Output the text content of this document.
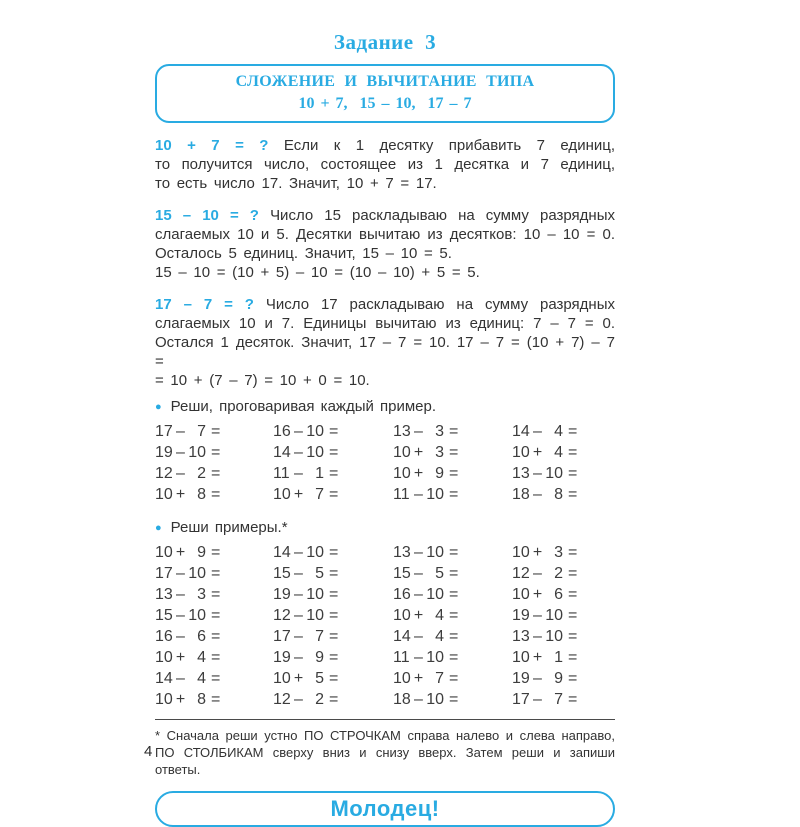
Задание  3
СЛОЖЕНИЕ И ВЫЧИТАНИЕ ТИПА
10 + 7,  15 – 10,  17 – 7
10 + 7 = ? Если к 1 десятку прибавить 7 единиц,
то получится число, состоящее из 1 десятка и 7 единиц,
то есть число 17. Значит, 10 + 7 = 17.
15 – 10 = ? Число 15 раскладываю на сумму разрядных
слагаемых 10 и 5. Десятки вычитаю из десятков: 10 – 10 = 0.
Осталось 5 единиц. Значит, 15 – 10 = 5.
15 – 10 = (10 + 5) – 10 = (10 – 10) + 5 = 5.
17 – 7 = ? Число 17 раскладываю на сумму разрядных
слагаемых 10 и 7. Единицы вычитаю из единиц: 7 – 7 = 0.
Остался 1 десяток. Значит, 17 – 7 = 10. 17 – 7 = (10 + 7) – 7 =
= 10 + (7 – 7) = 10 + 0 = 10.
● Реши, проговаривая каждый пример.
17 – 7 =	16 – 10 =	13 – 3 =	14 – 4 =
19 – 10 =	14 – 10 =	10 + 3 =	10 + 4 =
12 – 2 =	11 – 1 =	10 + 9 =	13 – 10 =
10 + 8 =	10 + 7 =	11 – 10 =	18 – 8 =
● Реши примеры.*
10 + 9 =	14 – 10 =	13 – 10 =	10 + 3 =
17 – 10 =	15 – 5 =	15 – 5 =	12 – 2 =
13 – 3 =	19 – 10 =	16 – 10 =	10 + 6 =
15 – 10 =	12 – 10 =	10 + 4 =	19 – 10 =
16 – 6 =	17 – 7 =	14 – 4 =	13 – 10 =
10 + 4 =	19 – 9 =	11 – 10 =	10 + 1 =
14 – 4 =	10 + 5 =	10 + 7 =	19 – 9 =
10 + 8 =	12 – 2 =	18 – 10 =	17 – 7 =
* Сначала реши устно ПО СТРОЧКАМ справа налево и слева направо,
ПО СТОЛБИКАМ сверху вниз и снизу вверх. Затем реши и запиши ответы.
Молодец!
4
